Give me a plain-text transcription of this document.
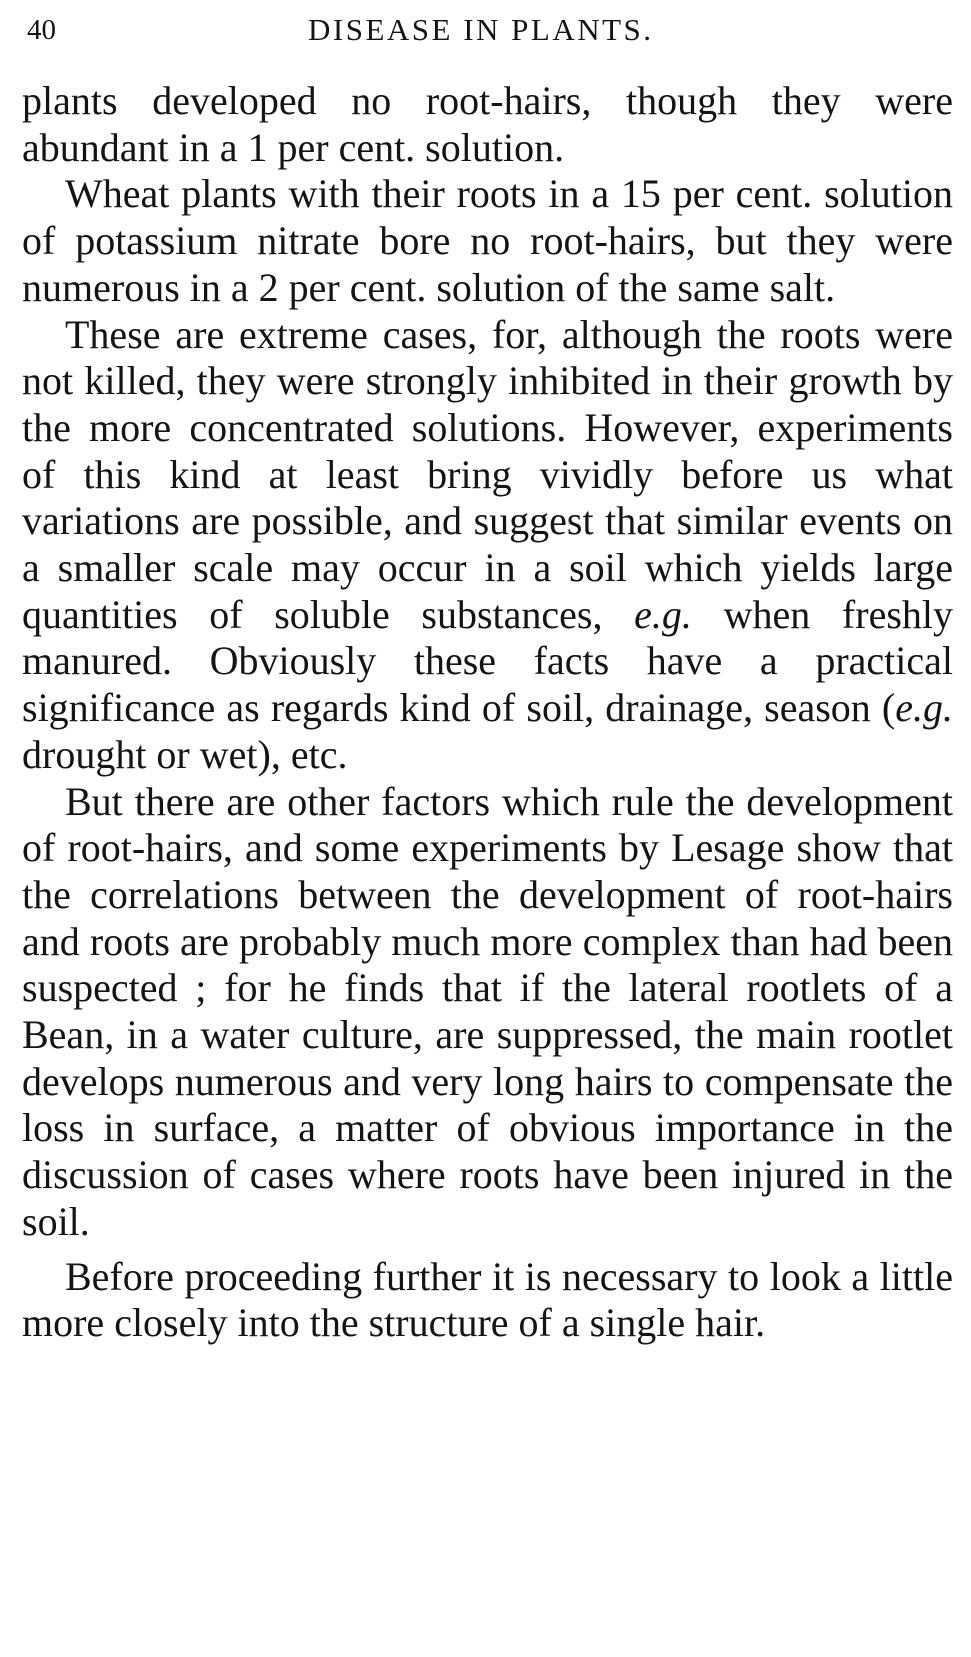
40	DISEASE IN PLANTS.

plants developed no root-hairs, though they were abundant in a 1 per cent. solution.

Wheat plants with their roots in a 15 per cent. solution of potassium nitrate bore no root-hairs, but they were numerous in a 2 per cent. solution of the same salt.

These are extreme cases, for, although the roots were not killed, they were strongly inhibited in their growth by the more concentrated solutions. However, experiments of this kind at least bring vividly before us what variations are possible, and suggest that similar events on a smaller scale may occur in a soil which yields large quantities of soluble substances, e.g. when freshly manured. Obviously these facts have a practical significance as regards kind of soil, drainage, season (e.g. drought or wet), etc.

But there are other factors which rule the development of root-hairs, and some experiments by Lesage show that the correlations between the development of root-hairs and roots are probably much more complex than had been suspected ; for he finds that if the lateral rootlets of a Bean, in a water culture, are suppressed, the main rootlet develops numerous and very long hairs to compensate the loss in surface, a matter of obvious importance in the discussion of cases where roots have been injured in the soil.

Before proceeding further it is necessary to look a little more closely into the structure of a single hair.
